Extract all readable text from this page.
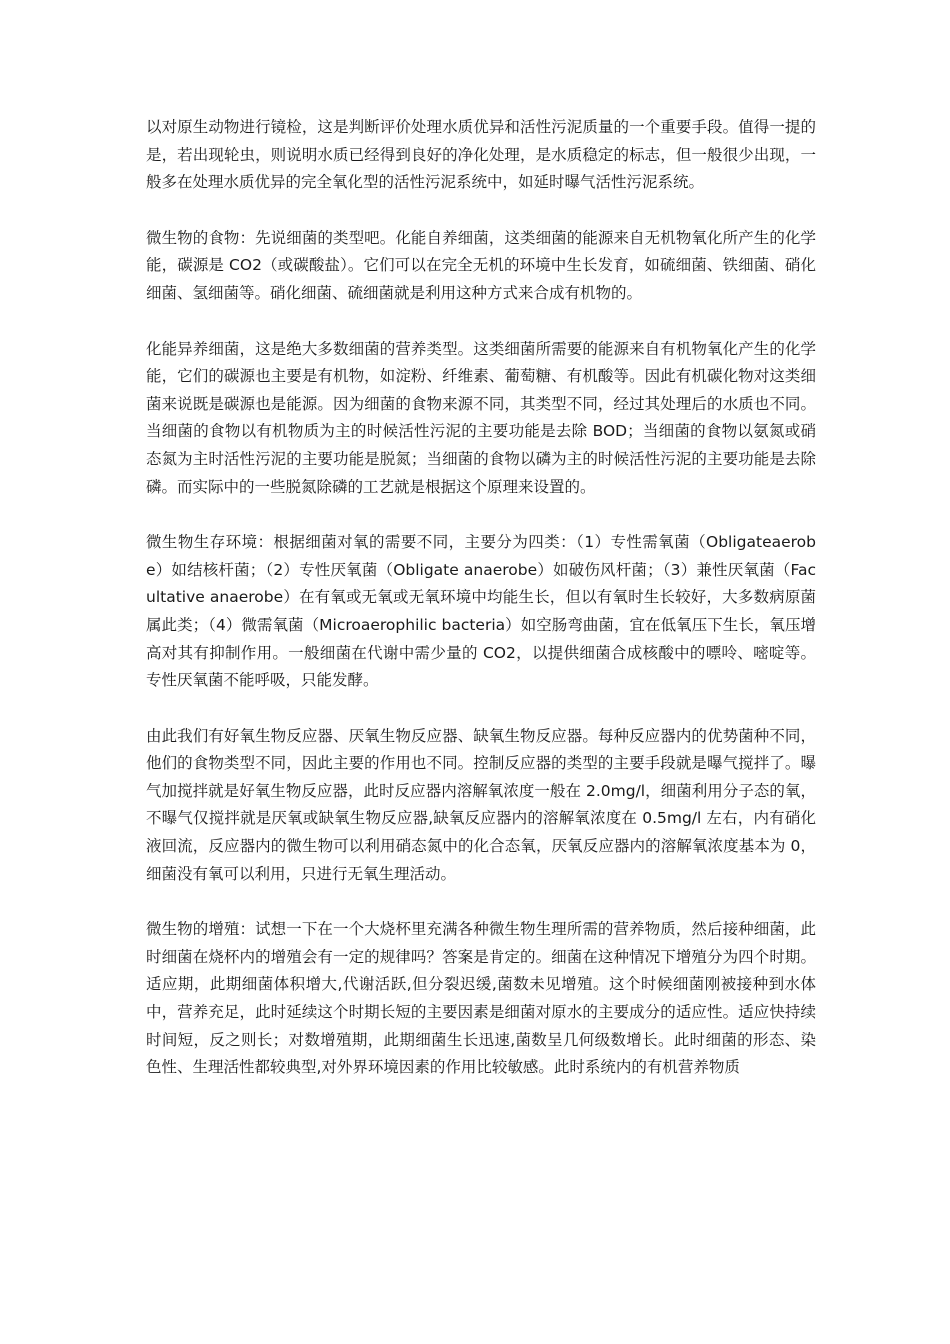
以对原生动物进行镜检，这是判断评价处理水质优异和活性污泥质量的一个重要手段。值得一提的是，若出现轮虫，则说明水质已经得到良好的净化处理，是水质稳定的标志，但一般很少出现，一般多在处理水质优异的完全氧化型的活性污泥系统中，如延时曝气活性污泥系统。

微生物的食物：先说细菌的类型吧。化能自养细菌，这类细菌的能源来自无机物氧化所产生的化学能，碳源是 CO2（或碳酸盐）。它们可以在完全无机的环境中生长发育，如硫细菌、铁细菌、硝化细菌、氢细菌等。硝化细菌、硫细菌就是利用这种方式来合成有机物的。

化能异养细菌，这是绝大多数细菌的营养类型。这类细菌所需要的能源来自有机物氧化产生的化学能，它们的碳源也主要是有机物，如淀粉、纤维素、葡萄糖、有机酸等。因此有机碳化物对这类细菌来说既是碳源也是能源。因为细菌的食物来源不同，其类型不同，经过其处理后的水质也不同。当细菌的食物以有机物质为主的时候活性污泥的主要功能是去除 BOD；当细菌的食物以氨氮或硝态氮为主时活性污泥的主要功能是脱氮；当细菌的食物以磷为主的时候活性污泥的主要功能是去除磷。而实际中的一些脱氮除磷的工艺就是根据这个原理来设置的。

微生物生存环境：根据细菌对氧的需要不同，主要分为四类：（1）专性需氧菌（Obligateaerobe）如结核杆菌；（2）专性厌氧菌（Obligate anaerobe）如破伤风杆菌；（3）兼性厌氧菌（Facultative anaerobe）在有氧或无氧或无氧环境中均能生长，但以有氧时生长较好，大多数病原菌属此类；（4）微需氧菌（Microaerophilic bacteria）如空肠弯曲菌，宜在低氧压下生长，氧压增高对其有抑制作用。一般细菌在代谢中需少量的 CO2，以提供细菌合成核酸中的嘌呤、嘧啶等。专性厌氧菌不能呼吸，只能发酵。

由此我们有好氧生物反应器、厌氧生物反应器、缺氧生物反应器。每种反应器内的优势菌种不同，他们的食物类型不同，因此主要的作用也不同。控制反应器的类型的主要手段就是曝气搅拌了。曝气加搅拌就是好氧生物反应器，此时反应器内溶解氧浓度一般在 2.0mg/l，细菌利用分子态的氧，不曝气仅搅拌就是厌氧或缺氧生物反应器,缺氧反应器内的溶解氧浓度在 0.5mg/l 左右，内有硝化液回流，反应器内的微生物可以利用硝态氮中的化合态氧，厌氧反应器内的溶解氧浓度基本为 0，细菌没有氧可以利用，只进行无氧生理活动。

微生物的增殖：试想一下在一个大烧杯里充满各种微生物生理所需的营养物质，然后接种细菌，此时细菌在烧杯内的增殖会有一定的规律吗？答案是肯定的。细菌在这种情况下增殖分为四个时期。适应期，此期细菌体积增大,代谢活跃,但分裂迟缓,菌数未见增殖。这个时候细菌刚被接种到水体中，营养充足，此时延续这个时期长短的主要因素是细菌对原水的主要成分的适应性。适应快持续时间短，反之则长；对数增殖期，此期细菌生长迅速,菌数呈几何级数增长。此时细菌的形态、染色性、生理活性都较典型,对外界环境因素的作用比较敏感。此时系统内的有机营养物质
